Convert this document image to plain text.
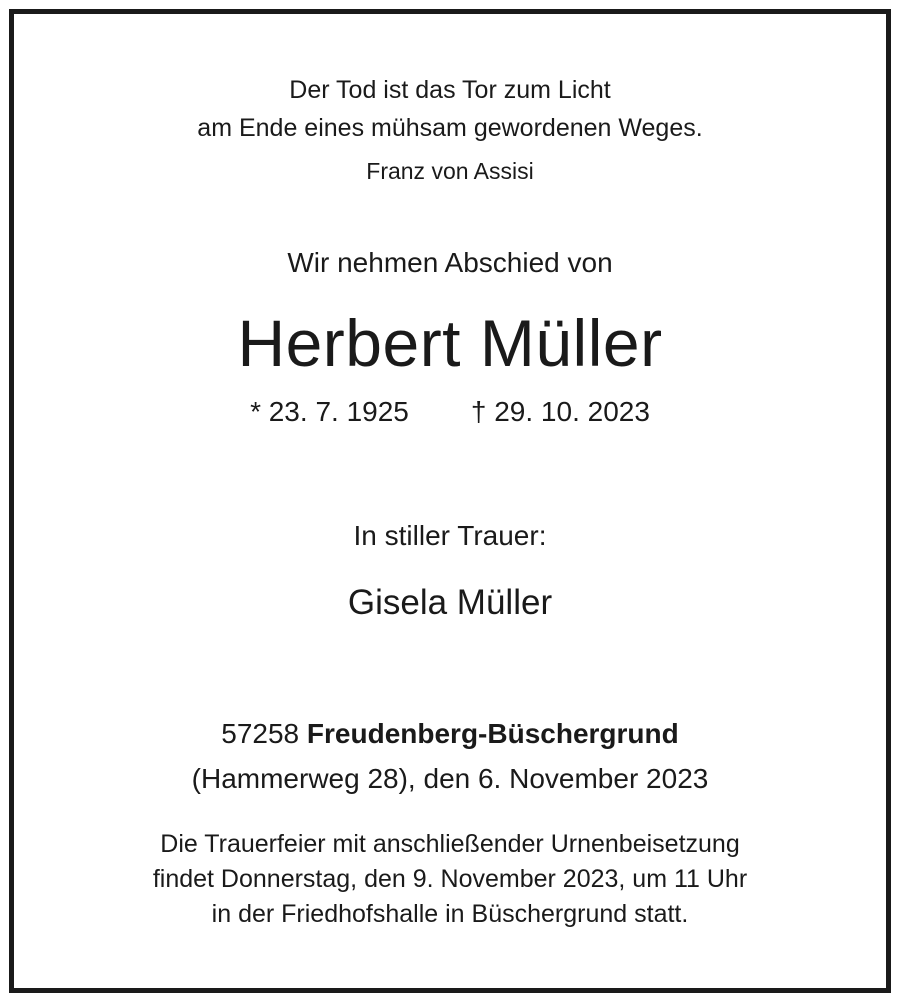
Der Tod ist das Tor zum Licht
am Ende eines mühsam gewordenen Weges.
Franz von Assisi
Wir nehmen Abschied von
Herbert Müller
* 23. 7. 1925 † 29. 10. 2023
In stiller Trauer:
Gisela Müller
57258 Freudenberg-Büschergrund
(Hammerweg 28), den 6. November 2023
Die Trauerfeier mit anschließender Urnenbeisetzung
findet Donnerstag, den 9. November 2023, um 11 Uhr
in der Friedhofshalle in Büschergrund statt.
